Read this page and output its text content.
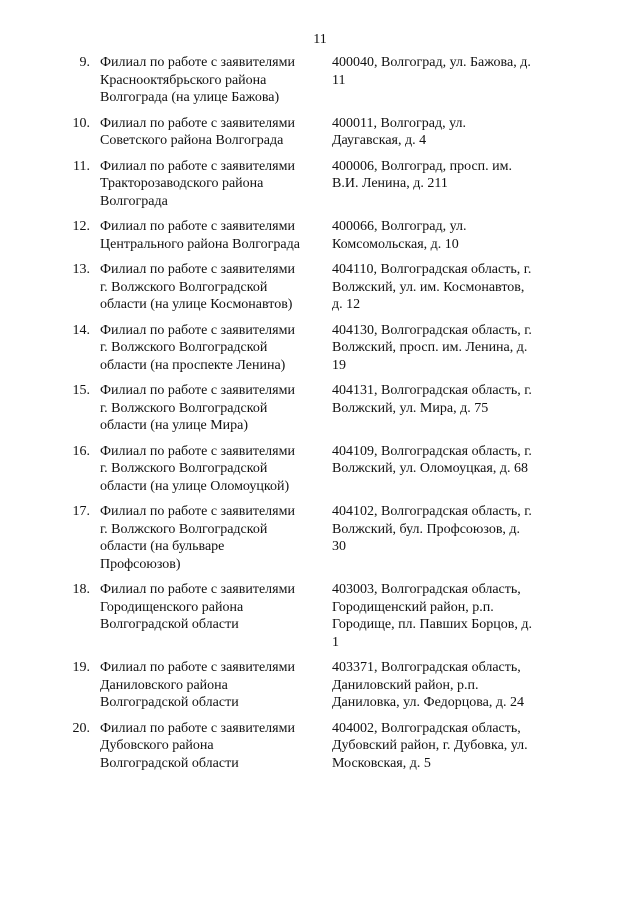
11
9. Филиал по работе с заявителями
Краснооктябрьского района
Волгограда (на улице Бажова)
400040, Волгоград, ул. Бажова, д.
11
10. Филиал по работе с заявителями
Советского района Волгограда
400011, Волгоград, ул.
Даугавская, д. 4
11. Филиал по работе с заявителями
Тракторозаводского района
Волгограда
400006, Волгоград, просп. им.
В.И. Ленина, д. 211
12. Филиал по работе с заявителями
Центрального района Волгограда
400066, Волгоград, ул.
Комсомольская, д. 10
13. Филиал по работе с заявителями
г. Волжского Волгоградской
области (на улице Космонавтов)
404110, Волгоградская область, г.
Волжский, ул. им. Космонавтов,
д. 12
14. Филиал по работе с заявителями
г. Волжского Волгоградской
области (на проспекте Ленина)
404130, Волгоградская область, г.
Волжский, просп. им. Ленина, д.
19
15. Филиал по работе с заявителями
г. Волжского Волгоградской
области (на улице Мира)
404131, Волгоградская область, г.
Волжский, ул. Мира, д. 75
16. Филиал по работе с заявителями
г. Волжского Волгоградской
области (на улице Оломоуцкой)
404109, Волгоградская область, г.
Волжский, ул. Оломоуцкая, д. 68
17. Филиал по работе с заявителями
г. Волжского Волгоградской
области (на бульваре
Профсоюзов)
404102, Волгоградская область, г.
Волжский, бул. Профсоюзов, д.
30
18. Филиал по работе с заявителями
Городищенского района
Волгоградской области
403003, Волгоградская область,
Городищенский район, р.п.
Городище, пл. Павших Борцов, д.
1
19. Филиал по работе с заявителями
Даниловского района
Волгоградской области
403371, Волгоградская область,
Даниловский район, р.п.
Даниловка, ул. Федорцова, д. 24
20. Филиал по работе с заявителями
Дубовского района
Волгоградской области
404002, Волгоградская область,
Дубовский район, г. Дубовка, ул.
Московская, д. 5
